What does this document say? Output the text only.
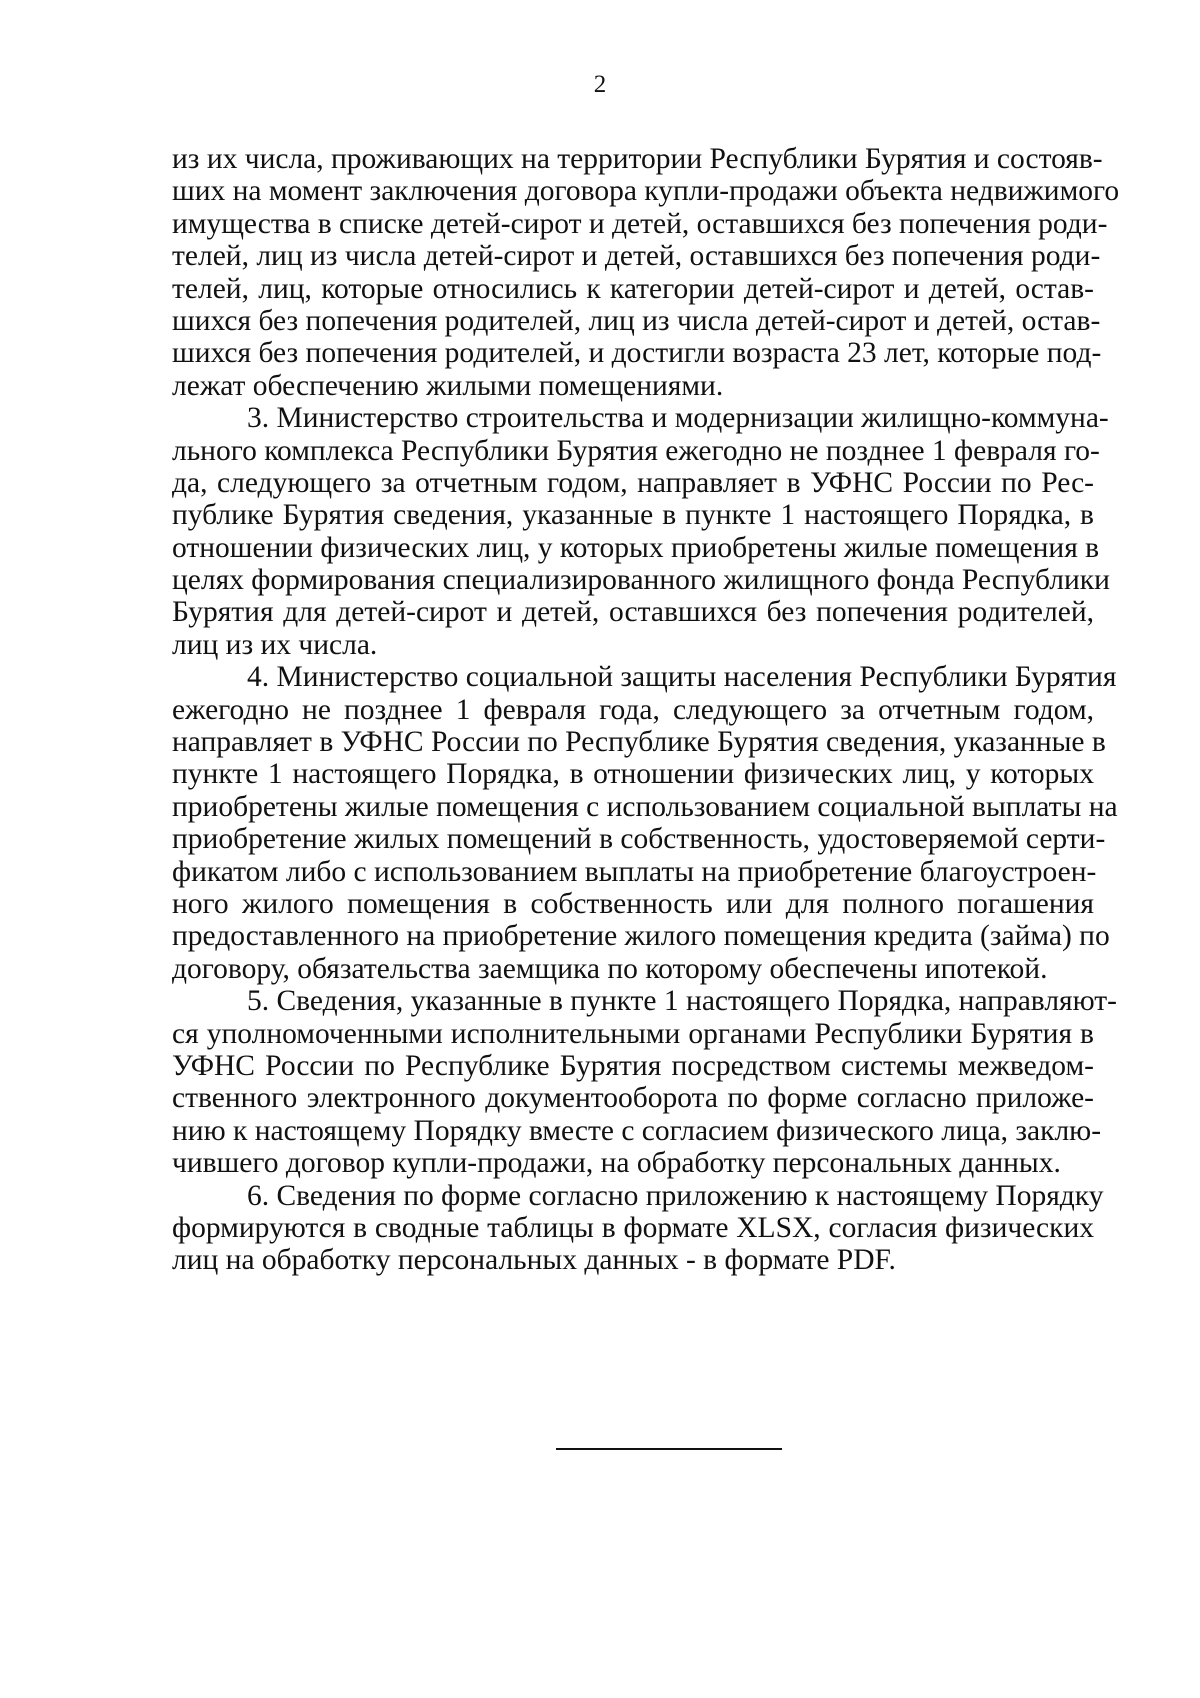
2
из их числа, проживающих на территории Республики Бурятия и состояв-
ших на момент заключения договора купли-продажи объекта недвижимого
имущества в списке детей-сирот и детей, оставшихся без попечения роди-
телей, лиц из числа детей-сирот и детей, оставшихся без попечения роди-
телей, лиц, которые относились к категории детей-сирот и детей, остав-
шихся без попечения родителей, лиц из числа детей-сирот и детей, остав-
шихся без попечения родителей, и достигли возраста 23 лет, которые под-
лежат обеспечению жилыми помещениями.
3. Министерство строительства и модернизации жилищно-коммуна-
льного комплекса Республики Бурятия ежегодно не позднее 1 февраля го-
да, следующего за отчетным годом, направляет в УФНС России по Рес-
публике Бурятия сведения, указанные в пункте 1 настоящего Порядка, в
отношении физических лиц, у которых приобретены жилые помещения в
целях формирования специализированного жилищного фонда Республики
Бурятия для детей-сирот и детей, оставшихся без попечения родителей,
лиц из их числа.
4. Министерство социальной защиты населения Республики Бурятия
ежегодно не позднее 1 февраля года, следующего за отчетным годом,
направляет в УФНС России по Республике Бурятия сведения, указанные в
пункте 1 настоящего Порядка, в отношении физических лиц, у которых
приобретены жилые помещения с использованием социальной выплаты на
приобретение жилых помещений в собственность, удостоверяемой серти-
фикатом либо с использованием выплаты на приобретение благоустроен-
ного жилого помещения в собственность или для полного погашения
предоставленного на приобретение жилого помещения кредита (займа) по
договору, обязательства заемщика по которому обеспечены ипотекой.
5. Сведения, указанные в пункте 1 настоящего Порядка, направляют-
ся уполномоченными исполнительными органами Республики Бурятия в
УФНС России по Республике Бурятия посредством системы межведом-
ственного электронного документооборота по форме согласно приложе-
нию к настоящему Порядку вместе с согласием физического лица, заклю-
чившего договор купли-продажи, на обработку персональных данных.
6. Сведения по форме согласно приложению к настоящему Порядку
формируются в сводные таблицы в формате XLSX, согласия физических
лиц на обработку персональных данных - в формате PDF.
